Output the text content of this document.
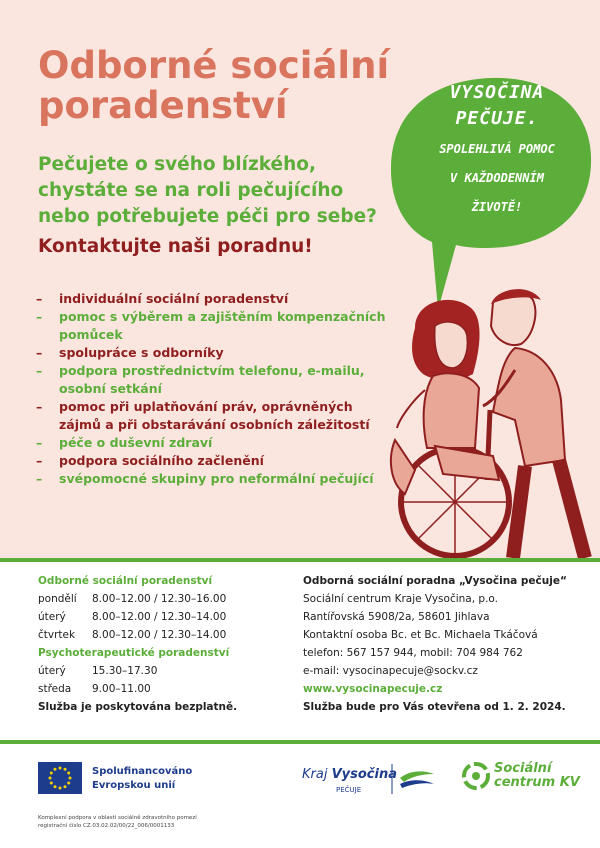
Odborné sociální
poradenství
Pečujete o svého blízkého, chystáte se na roli pečujícího nebo potřebujete péči pro sebe?
Kontaktujte naši poradnu!
– individuální sociální poradenství
– pomoc s výběrem a zajištěním kompenzačních pomůcek
– spolupráce s odborníky
– podpora prostřednictvím telefonu, e-mailu, osobní setkání
– pomoc při uplatňování práv, oprávněných zájmů a při obstarávání osobních záležitostí
– péče o duševní zdraví
– podpora sociálního začlenění
– svépomocné skupiny pro neformální pečující
VYSOČINA
PEČUJE.
SPOLEHLIVÁ POMOC
V KAŽDODENNÍM
ŽIVOTĚ!
Odborné sociální poradenství
pondělí	8.00–12.00 / 12.30–16.00
úterý	8.00–12.00 / 12.30–14.00
čtvrtek	8.00–12.00 / 12.30–14.00
Psychoterapeutické poradenství
úterý	15.30–17.30
středa	9.00–11.00
Služba je poskytována bezplatně.
Odborná sociální poradna „Vysočina pečuje“
Sociální centrum Kraje Vysočina, p.o.
Rantířovská 5908/2a, 58601 Jihlava
Kontaktní osoba Bc. et Bc. Michaela Tkáčová
telefon: 567 157 944, mobil: 704 984 762
e-mail: vysocinapecuje@sockv.cz
www.vysocinapecuje.cz
Služba bude pro Vás otevřena od 1. 2. 2024.
Spolufinancováno
Evropskou unií
Komplexní podpora v oblasti sociálně zdravotního pomezí
registrační číslo CZ.03.02.02/00/22_006/0001133
Kraj Vysočina
PEČUJE
Sociální
centrum KV
